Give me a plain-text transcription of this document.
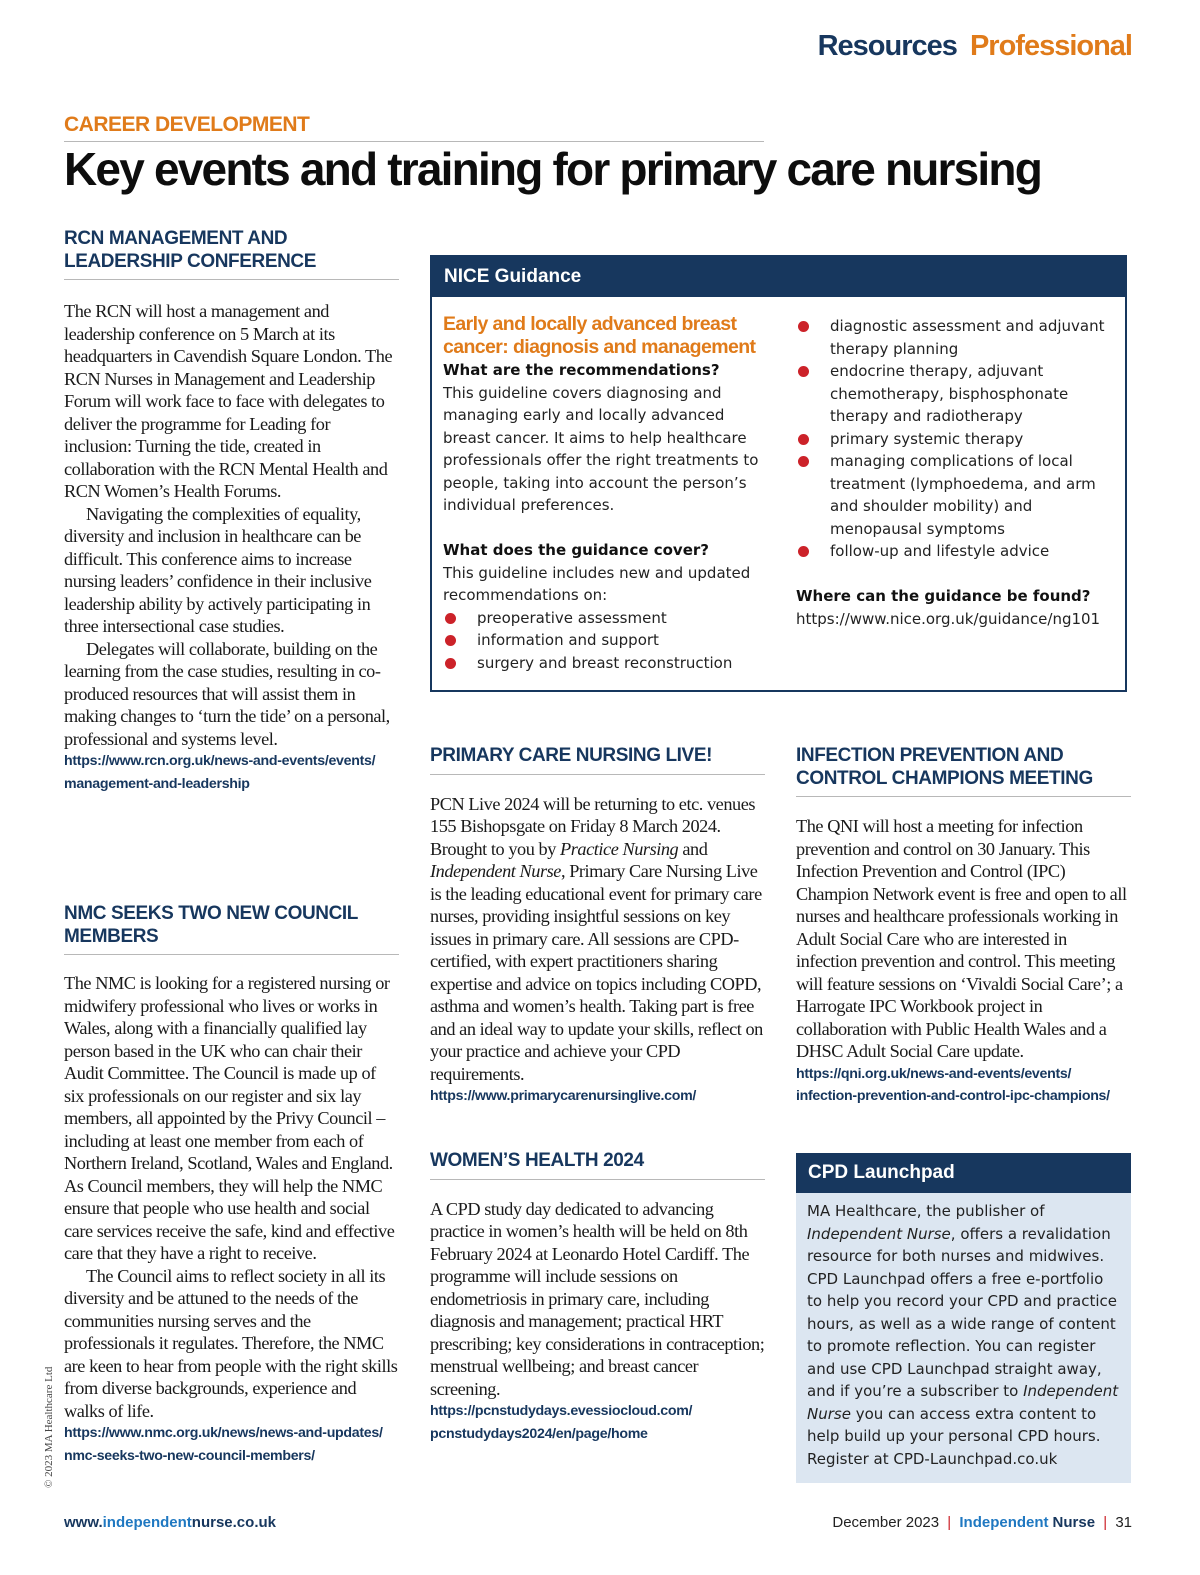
Resources Professional
CAREER DEVELOPMENT
Key events and training for primary care nursing
RCN MANAGEMENT AND LEADERSHIP CONFERENCE

The RCN will host a management and leadership conference on 5 March at its headquarters in Cavendish Square London. The RCN Nurses in Management and Leadership Forum will work face to face with delegates to deliver the programme for Leading for inclusion: Turning the tide, created in collaboration with the RCN Mental Health and RCN Women’s Health Forums.

Navigating the complexities of equality, diversity and inclusion in healthcare can be difficult. This conference aims to increase nursing leaders’ confidence in their inclusive leadership ability by actively participating in three intersectional case studies.

Delegates will collaborate, building on the learning from the case studies, resulting in co-produced resources that will assist them in making changes to ‘turn the tide’ on a personal, professional and systems level.

https://www.rcn.org.uk/news-and-events/events/
management-and-leadership
NMC SEEKS TWO NEW COUNCIL MEMBERS

The NMC is looking for a registered nursing or midwifery professional who lives or works in Wales, along with a financially qualified lay person based in the UK who can chair their Audit Committee. The Council is made up of six professionals on our register and six lay members, all appointed by the Privy Council – including at least one member from each of Northern Ireland, Scotland, Wales and England. As Council members, they will help the NMC ensure that people who use health and social care services receive the safe, kind and effective care that they have a right to receive.

The Council aims to reflect society in all its diversity and be attuned to the needs of the communities nursing serves and the professionals it regulates. Therefore, the NMC are keen to hear from people with the right skills from diverse backgrounds, experience and walks of life.

https://www.nmc.org.uk/news/news-and-updates/
nmc-seeks-two-new-council-members/
NICE Guidance
Early and locally advanced breast cancer: diagnosis and management
What are the recommendations?
This guideline covers diagnosing and managing early and locally advanced breast cancer. It aims to help healthcare professionals offer the right treatments to people, taking into account the person’s individual preferences.
What does the guidance cover?
This guideline includes new and updated recommendations on:
preoperative assessment
information and support
surgery and breast reconstruction
diagnostic assessment and adjuvant therapy planning
endocrine therapy, adjuvant chemotherapy, bisphosphonate therapy and radiotherapy
primary systemic therapy
managing complications of local treatment (lymphoedema, and arm and shoulder mobility) and menopausal symptoms
follow-up and lifestyle advice
Where can the guidance be found?
https://www.nice.org.uk/guidance/ng101
PRIMARY CARE NURSING LIVE!
PCN Live 2024 will be returning to etc. venues 155 Bishopsgate on Friday 8 March 2024. Brought to you by Practice Nursing and Independent Nurse, Primary Care Nursing Live is the leading educational event for primary care nurses, providing insightful sessions on key issues in primary care. All sessions are CPD-certified, with expert practitioners sharing expertise and advice on topics including COPD, asthma and women’s health. Taking part is free and an ideal way to update your skills, reflect on your practice and achieve your CPD requirements.
https://www.primarycarenursinglive.com/
WOMEN’S HEALTH 2024
A CPD study day dedicated to advancing practice in women’s health will be held on 8th February 2024 at Leonardo Hotel Cardiff. The programme will include sessions on endometriosis in primary care, including diagnosis and management; practical HRT prescribing; key considerations in contraception; menstrual wellbeing; and breast cancer screening.
https://pcnstudydays.evessiocloud.com/
pcnstudydays2024/en/page/home
INFECTION PREVENTION AND CONTROL CHAMPIONS MEETING
The QNI will host a meeting for infection prevention and control on 30 January. This Infection Prevention and Control (IPC) Champion Network event is free and open to all nurses and healthcare professionals working in Adult Social Care who are interested in infection prevention and control. This meeting will feature sessions on ‘Vivaldi Social Care’; a Harrogate IPC Workbook project in collaboration with Public Health Wales and a DHSC Adult Social Care update.
https://qni.org.uk/news-and-events/events/
infection-prevention-and-control-ipc-champions/
CPD Launchpad
MA Healthcare, the publisher of Independent Nurse, offers a revalidation resource for both nurses and midwives. CPD Launchpad offers a free e-portfolio to help you record your CPD and practice hours, as well as a wide range of content to promote reflection. You can register and use CPD Launchpad straight away, and if you’re a subscriber to Independent Nurse you can access extra content to help build up your personal CPD hours. Register at CPD-Launchpad.co.uk
© 2023 MA Healthcare Ltd
www.independentnurse.co.uk	December 2023 | Independent Nurse | 31
